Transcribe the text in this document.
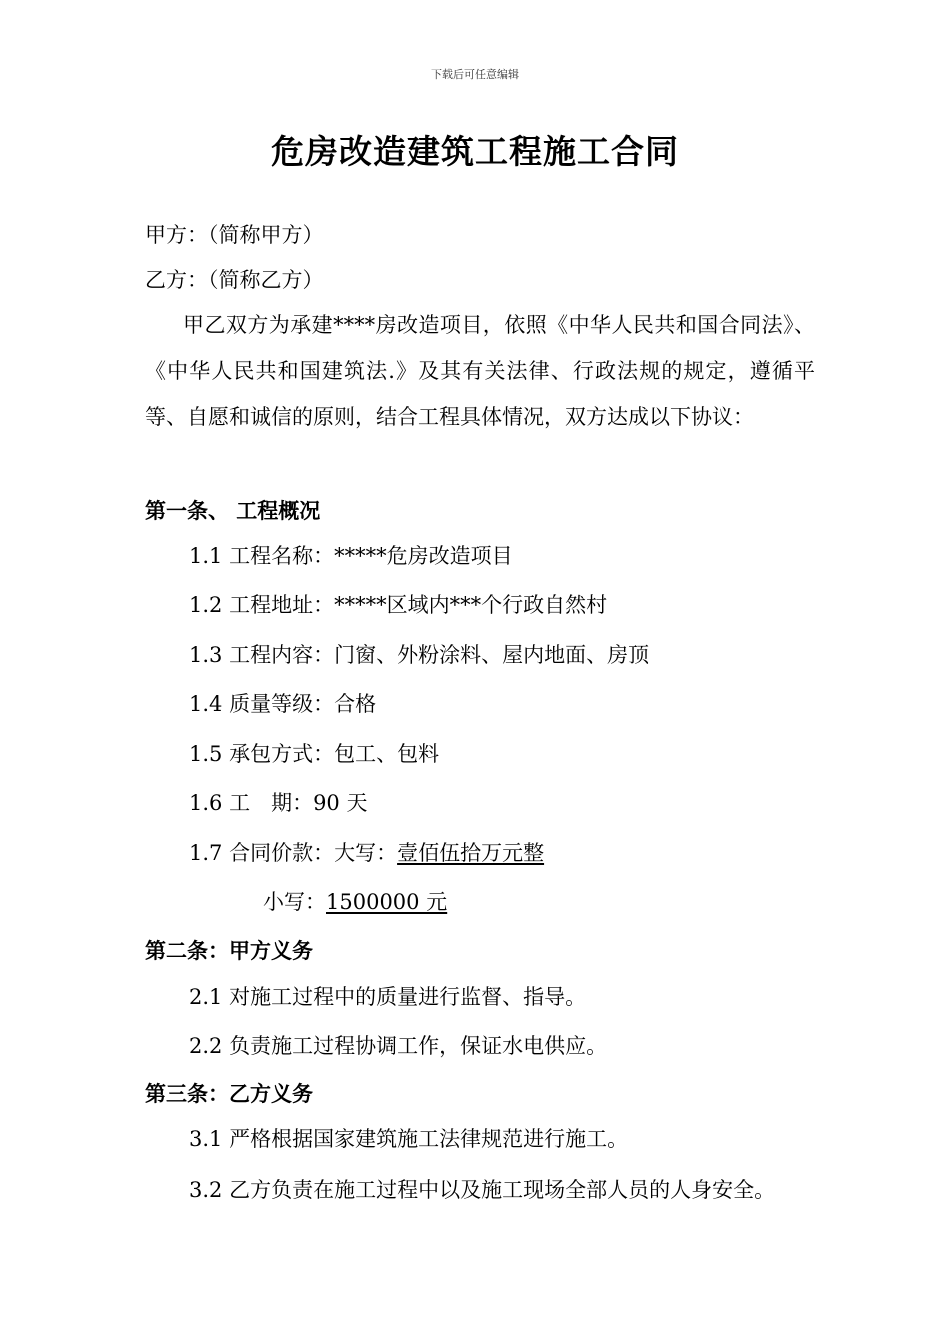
下载后可任意编辑
危房改造建筑工程施工合同
甲方：（简称甲方）
乙方：（简称乙方）
甲乙双方为承建****房改造项目，依照《中华人民共和国合同法》、《中华人民共和国建筑法.》及其有关法律、行政法规的规定，遵循平等、自愿和诚信的原则，结合工程具体情况，双方达成以下协议：
第一条、 工程概况
1.1 工程名称：*****危房改造项目
1.2 工程地址：*****区域内***个行政自然村
1.3 工程内容：门窗、外粉涂料、屋内地面、房顶
1.4 质量等级：合格
1.5 承包方式：包工、包料
1.6 工　期：90 天
1.7 合同价款：大写：壹佰伍拾万元整
小写：1500000 元
第二条：甲方义务
2.1 对施工过程中的质量进行监督、指导。
2.2 负责施工过程协调工作，保证水电供应。
第三条：乙方义务
3.1 严格根据国家建筑施工法律规范进行施工。
3.2 乙方负责在施工过程中以及施工现场全部人员的人身安全。
